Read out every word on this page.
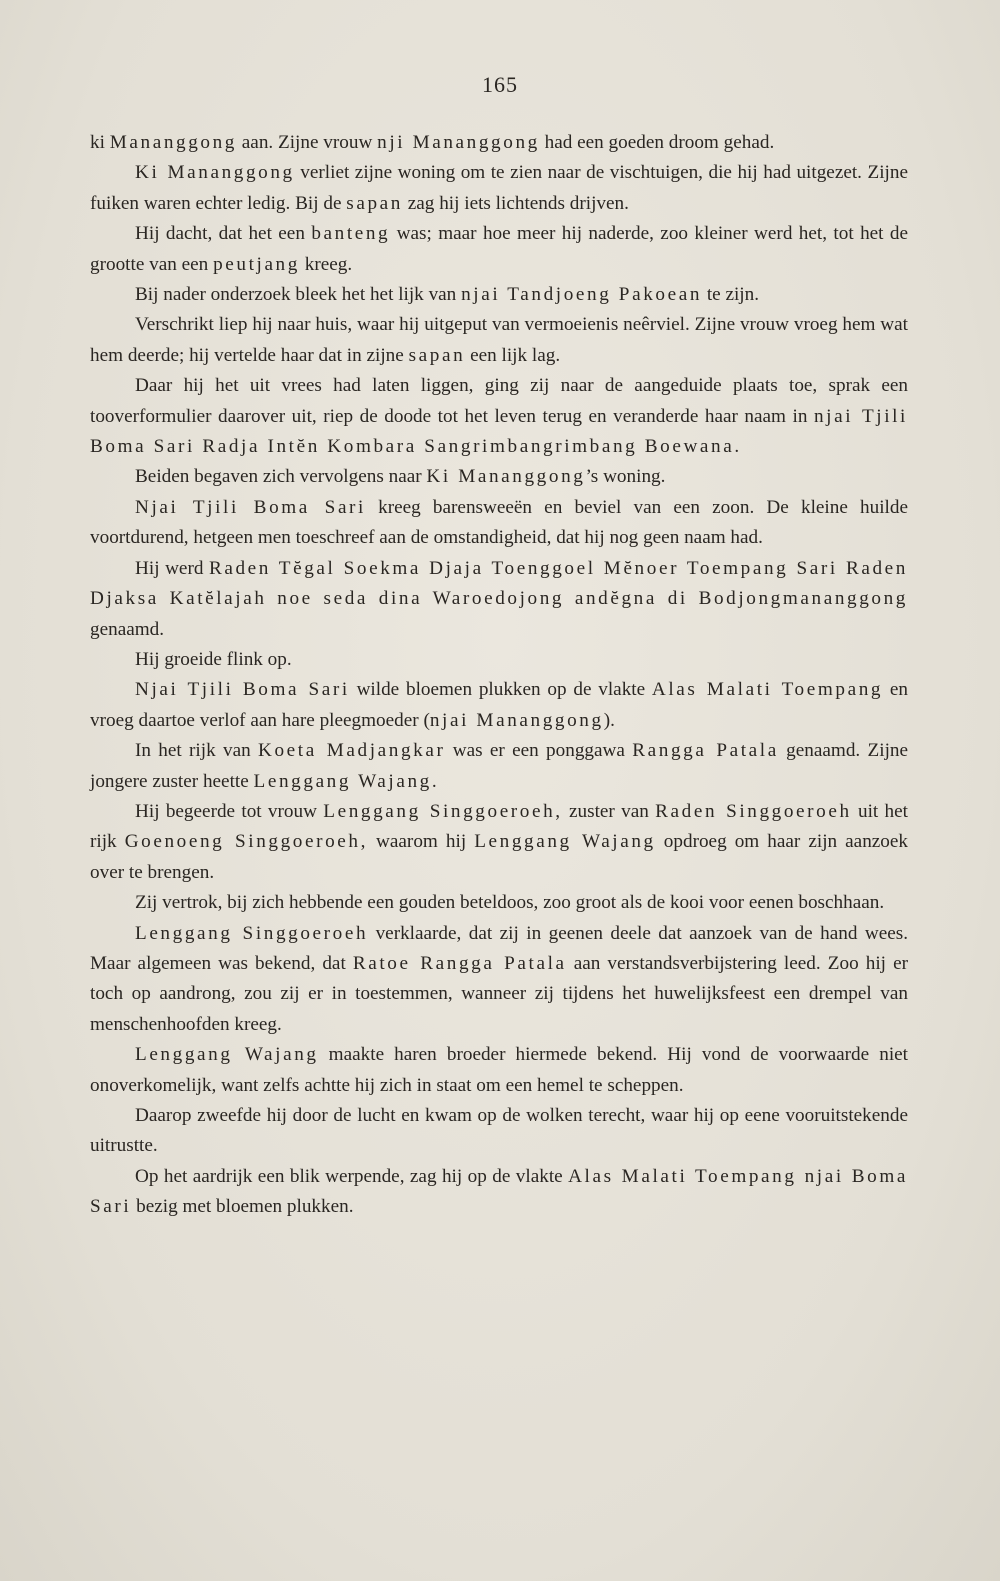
165

ki Mananggong aan. Zijne vrouw nji Mananggong had een goeden droom gehad.

Ki Mananggong verliet zijne woning om te zien naar de vischtuigen, die hij had uitgezet. Zijne fuiken waren echter ledig. Bij de sapan zag hij iets lichtends drijven.

Hij dacht, dat het een banteng was; maar hoe meer hij naderde, zoo kleiner werd het, tot het de grootte van een peutjang kreeg.

Bij nader onderzoek bleek het het lijk van njai Tandjoeng Pakoean te zijn.

Verschrikt liep hij naar huis, waar hij uitgeput van vermoeienis neêrviel. Zijne vrouw vroeg hem wat hem deerde; hij vertelde haar dat in zijne sapan een lijk lag.

Daar hij het uit vrees had laten liggen, ging zij naar de aangeduide plaats toe, sprak een tooverformulier daarover uit, riep de doode tot het leven terug en veranderde haar naam in njai Tjili Boma Sari Radja Intĕn Kombara Sangrimbangrimbang Boewana.

Beiden begaven zich vervolgens naar Ki Mananggong’s woning.

Njai Tjili Boma Sari kreeg barensweeën en beviel van een zoon. De kleine huilde voortdurend, hetgeen men toeschreef aan de omstandigheid, dat hij nog geen naam had.

Hij werd Raden Tĕgal Soekma Djaja Toenggoel Mĕnoer Toempang Sari Raden Djaksa Katĕlajah noe seda dina Waroedojong andĕgna di Bodjongmananggong genaamd.

Hij groeide flink op.

Njai Tjili Boma Sari wilde bloemen plukken op de vlakte Alas Malati Toempang en vroeg daartoe verlof aan hare pleegmoeder (njai Mananggong).

In het rijk van Koeta Madjangkar was er een ponggawa Rangga Patala genaamd. Zijne jongere zuster heette Lenggang Wajang.

Hij begeerde tot vrouw Lenggang Singgoeroeh, zuster van Raden Singgoeroeh uit het rijk Goenoeng Singgoeroeh, waarom hij Lenggang Wajang opdroeg om haar zijn aanzoek over te brengen.

Zij vertrok, bij zich hebbende een gouden beteldoos, zoo groot als de kooi voor eenen boschhaan.

Lenggang Singgoeroeh verklaarde, dat zij in geenen deele dat aanzoek van de hand wees. Maar algemeen was bekend, dat Ratoe Rangga Patala aan verstandsverbijstering leed. Zoo hij er toch op aandrong, zou zij er in toestemmen, wanneer zij tijdens het huwelijksfeest een drempel van menschenhoofden kreeg.

Lenggang Wajang maakte haren broeder hiermede bekend. Hij vond de voorwaarde niet onoverkomelijk, want zelfs achtte hij zich in staat om een hemel te scheppen.

Daarop zweefde hij door de lucht en kwam op de wolken terecht, waar hij op eene vooruitstekende uitrustte.

Op het aardrijk een blik werpende, zag hij op de vlakte Alas Malati Toempang njai Boma Sari bezig met bloemen plukken.
